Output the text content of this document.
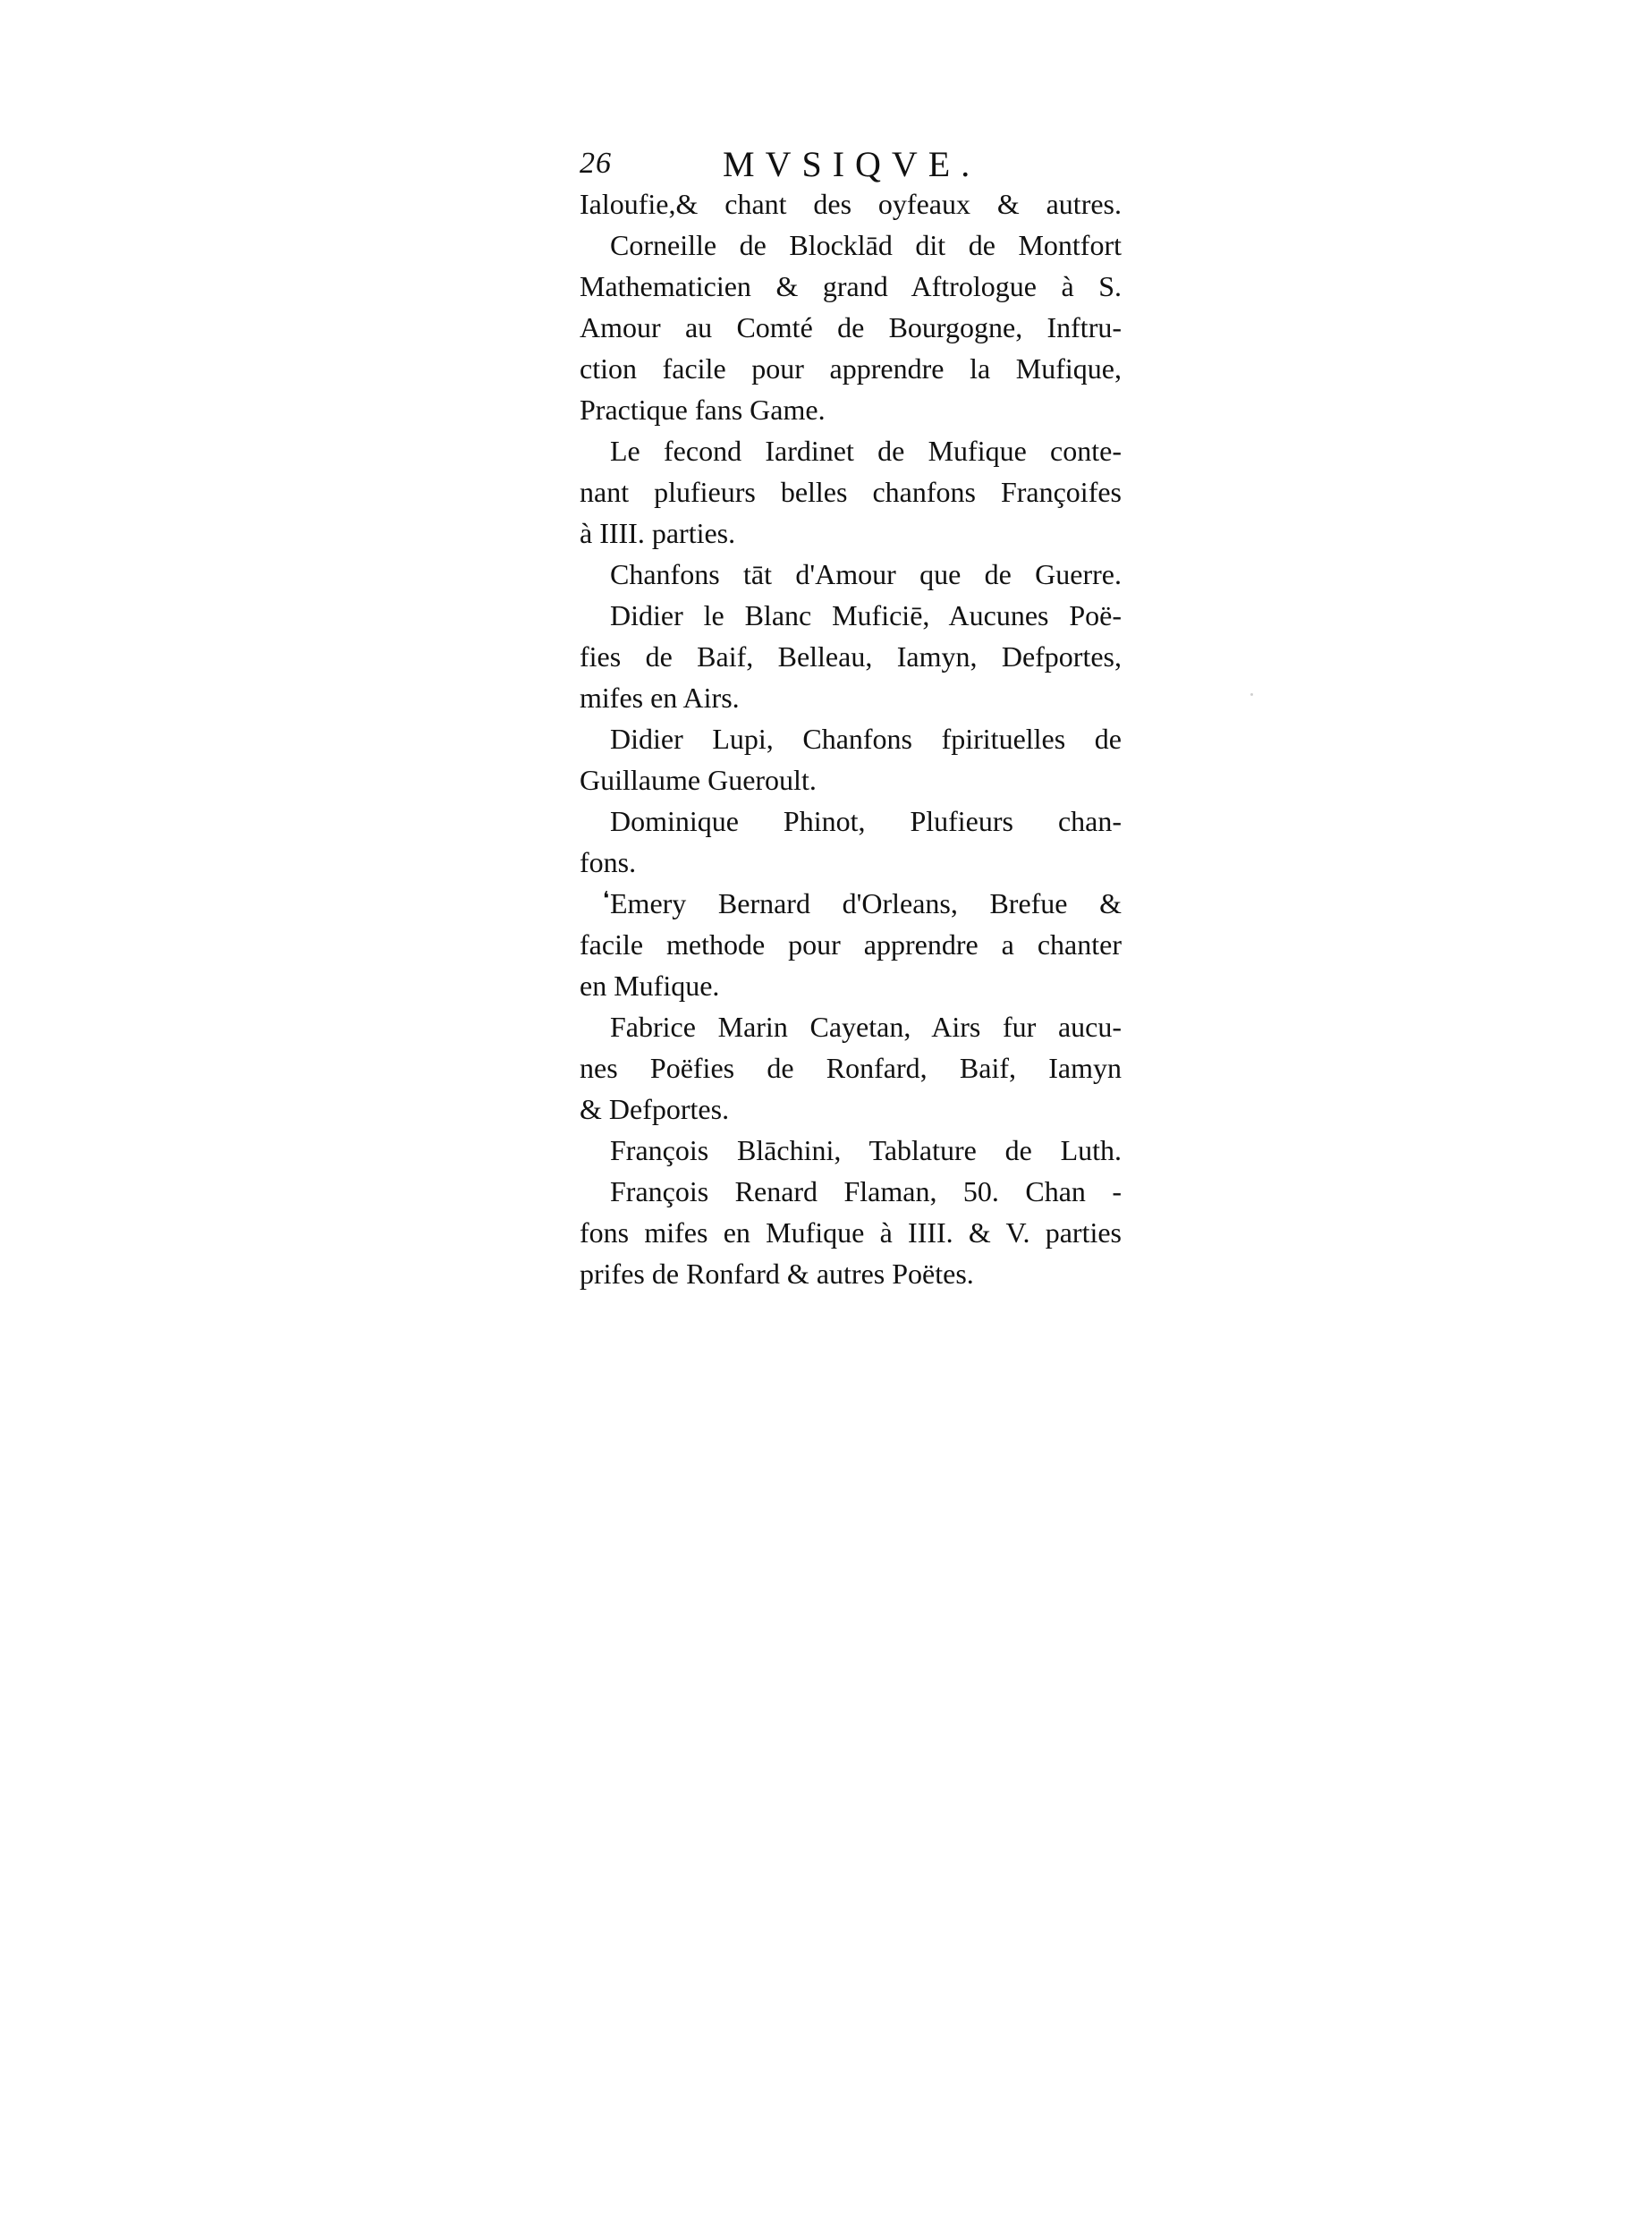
26	MVSIQVE.
Ialoufie,& chant des oyfeaux & autres.
Corneille de Blocklād dit de Montfort
Mathematicien & grand Aftrologue à S.
Amour au Comté de Bourgogne, Inftru-
ction facile pour apprendre la Mufique,
Practique fans Game.
Le fecond Iardinet de Mufique conte-
nant plufieurs belles chanfons Françoifes
à IIII. parties.
Chanfons tāt d'Amour que de Guerre.
Didier le Blanc Muficiē, Aucunes Poë-
fies de Baif, Belleau, Iamyn, Defportes,
mifes en Airs.
Didier Lupi, Chanfons fpirituelles de
Guillaume Gueroult.
Dominique Phinot, Plufieurs chan-
fons.
❛ Emery Bernard d'Orleans, Brefue &
facile methode pour apprendre a chanter
en Mufique.
Fabrice Marin Cayetan, Airs fur aucu-
nes Poëfies de Ronfard, Baif, Iamyn
& Defportes.
François Blāchini, Tablature de Luth.
François Renard Flaman, 50. Chan -
fons mifes en Mufique à IIII. & V. parties
prifes de Ronfard & autres Poëtes.
